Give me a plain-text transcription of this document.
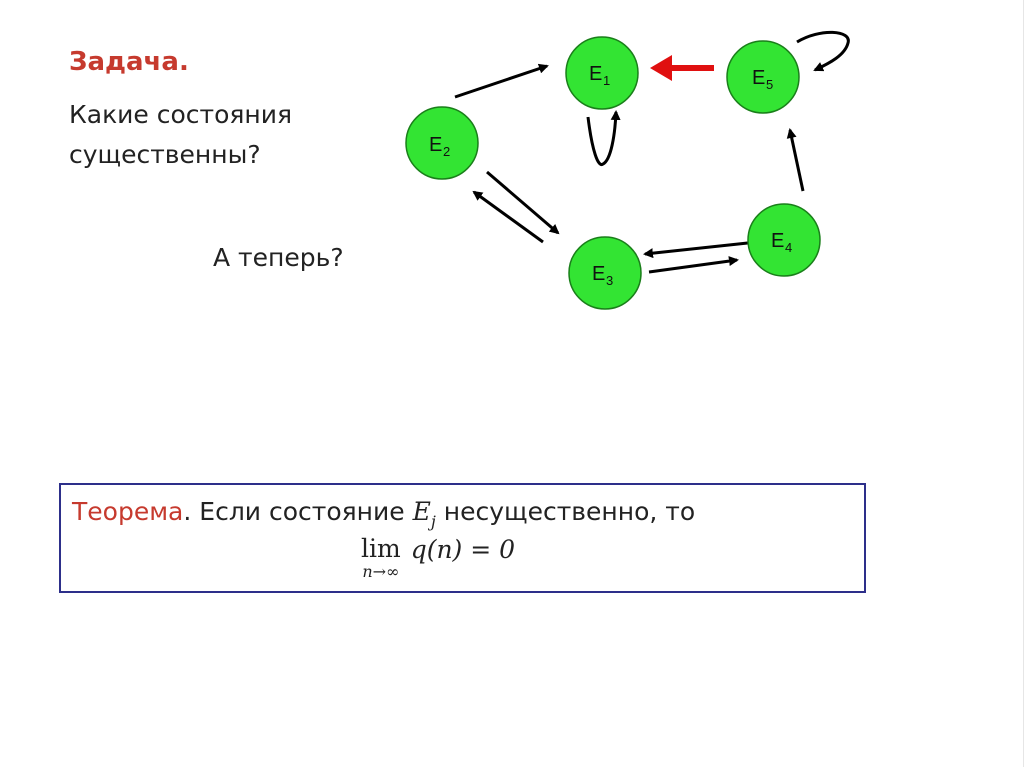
Задача.
Какие состояния
существенны?
А теперь?
E 1
E 2
E 3
E 4
E 5
Теорема. Если состояние $E_j$ несущественно, то
lim
n→∞
q(n) = 0
